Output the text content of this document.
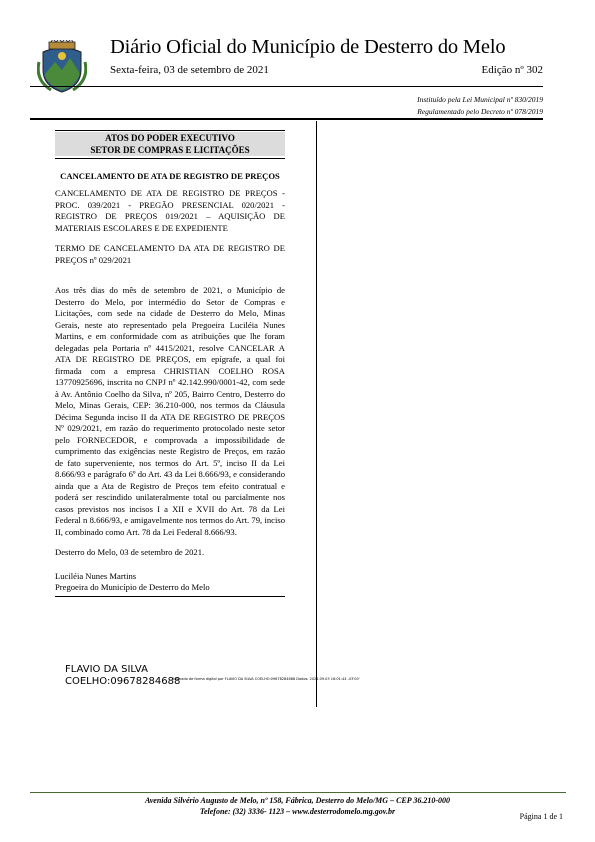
Diário Oficial do Município de Desterro do Melo
Sexta-feira, 03 de setembro de 2021	Edição nº 302
Instituído pela Lei Municipal nº 830/2019
Regulamentado pelo Decreto nº 078/2019
ATOS DO PODER EXECUTIVO
SETOR DE COMPRAS E LICITAÇÕES
CANCELAMENTO DE ATA DE REGISTRO DE PREÇOS
CANCELAMENTO DE ATA DE REGISTRO DE PREÇOS - PROC. 039/2021 - PREGÃO PRESENCIAL 020/2021 - REGISTRO DE PREÇOS 019/2021 – AQUISIÇÃO DE MATERIAIS ESCOLARES E DE EXPEDIENTE
TERMO DE CANCELAMENTO DA ATA DE REGISTRO DE PREÇOS nº 029/2021
Aos três dias do mês de setembro de 2021, o Município de Desterro do Melo, por intermédio do Setor de Compras e Licitações, com sede na cidade de Desterro do Melo, Minas Gerais, neste ato representado pela Pregoeira Luciléia Nunes Martins, e em conformidade com as atribuições que lhe foram delegadas pela Portaria nº 4415/2021, resolve CANCELAR A ATA DE REGISTRO DE PREÇOS, em epígrafe, a qual foi firmada com a empresa CHRISTIAN COELHO ROSA 13770925696, inscrita no CNPJ nº 42.142.990/0001-42, com sede à Av. Antônio Coelho da Silva, nº 205, Bairro Centro, Desterro do Melo, Minas Gerais, CEP: 36.210-000, nos termos da Cláusula Décima Segunda inciso II da ATA DE REGISTRO DE PREÇOS Nº 029/2021, em razão do requerimento protocolado neste setor pelo FORNECEDOR, e comprovada a impossibilidade de cumprimento das exigências neste Registro de Preços, em razão de fato superveniente, nos termos do Art. 5º, inciso II da Lei 8.666/93 e parágrafo 6º do Art. 43 da Lei 8.666/93, e considerando ainda que a Ata de Registro de Preços tem efeito contratual e poderá ser rescindido unilateralmente total ou parcialmente nos casos previstos nos incisos I a XII e XVII do Art. 78 da Lei Federal n 8.666/93, e amigavelmente nos termos do Art. 79, inciso II, combinado como Art. 78 da Lei Federal 8.666/93.
Desterro do Melo, 03 de setembro de 2021.
Luciléia Nunes Martins
Pregoeira do Município de Desterro do Melo
FLAVIO DA SILVA
COELHO:09678284688
Assinado de forma digital por FLAVIO DA SILVA COELHO:09678284688 Dados: 2021.09.03 16:01:44 -03'00'
Avenida Silvério Augusto de Melo, nº 158, Fábrica, Desterro do Melo/MG – CEP 36.210-000
Telefone: (32) 3336- 1123 – www.desterrodomelo.mg.gov.br
Página 1 de 1
